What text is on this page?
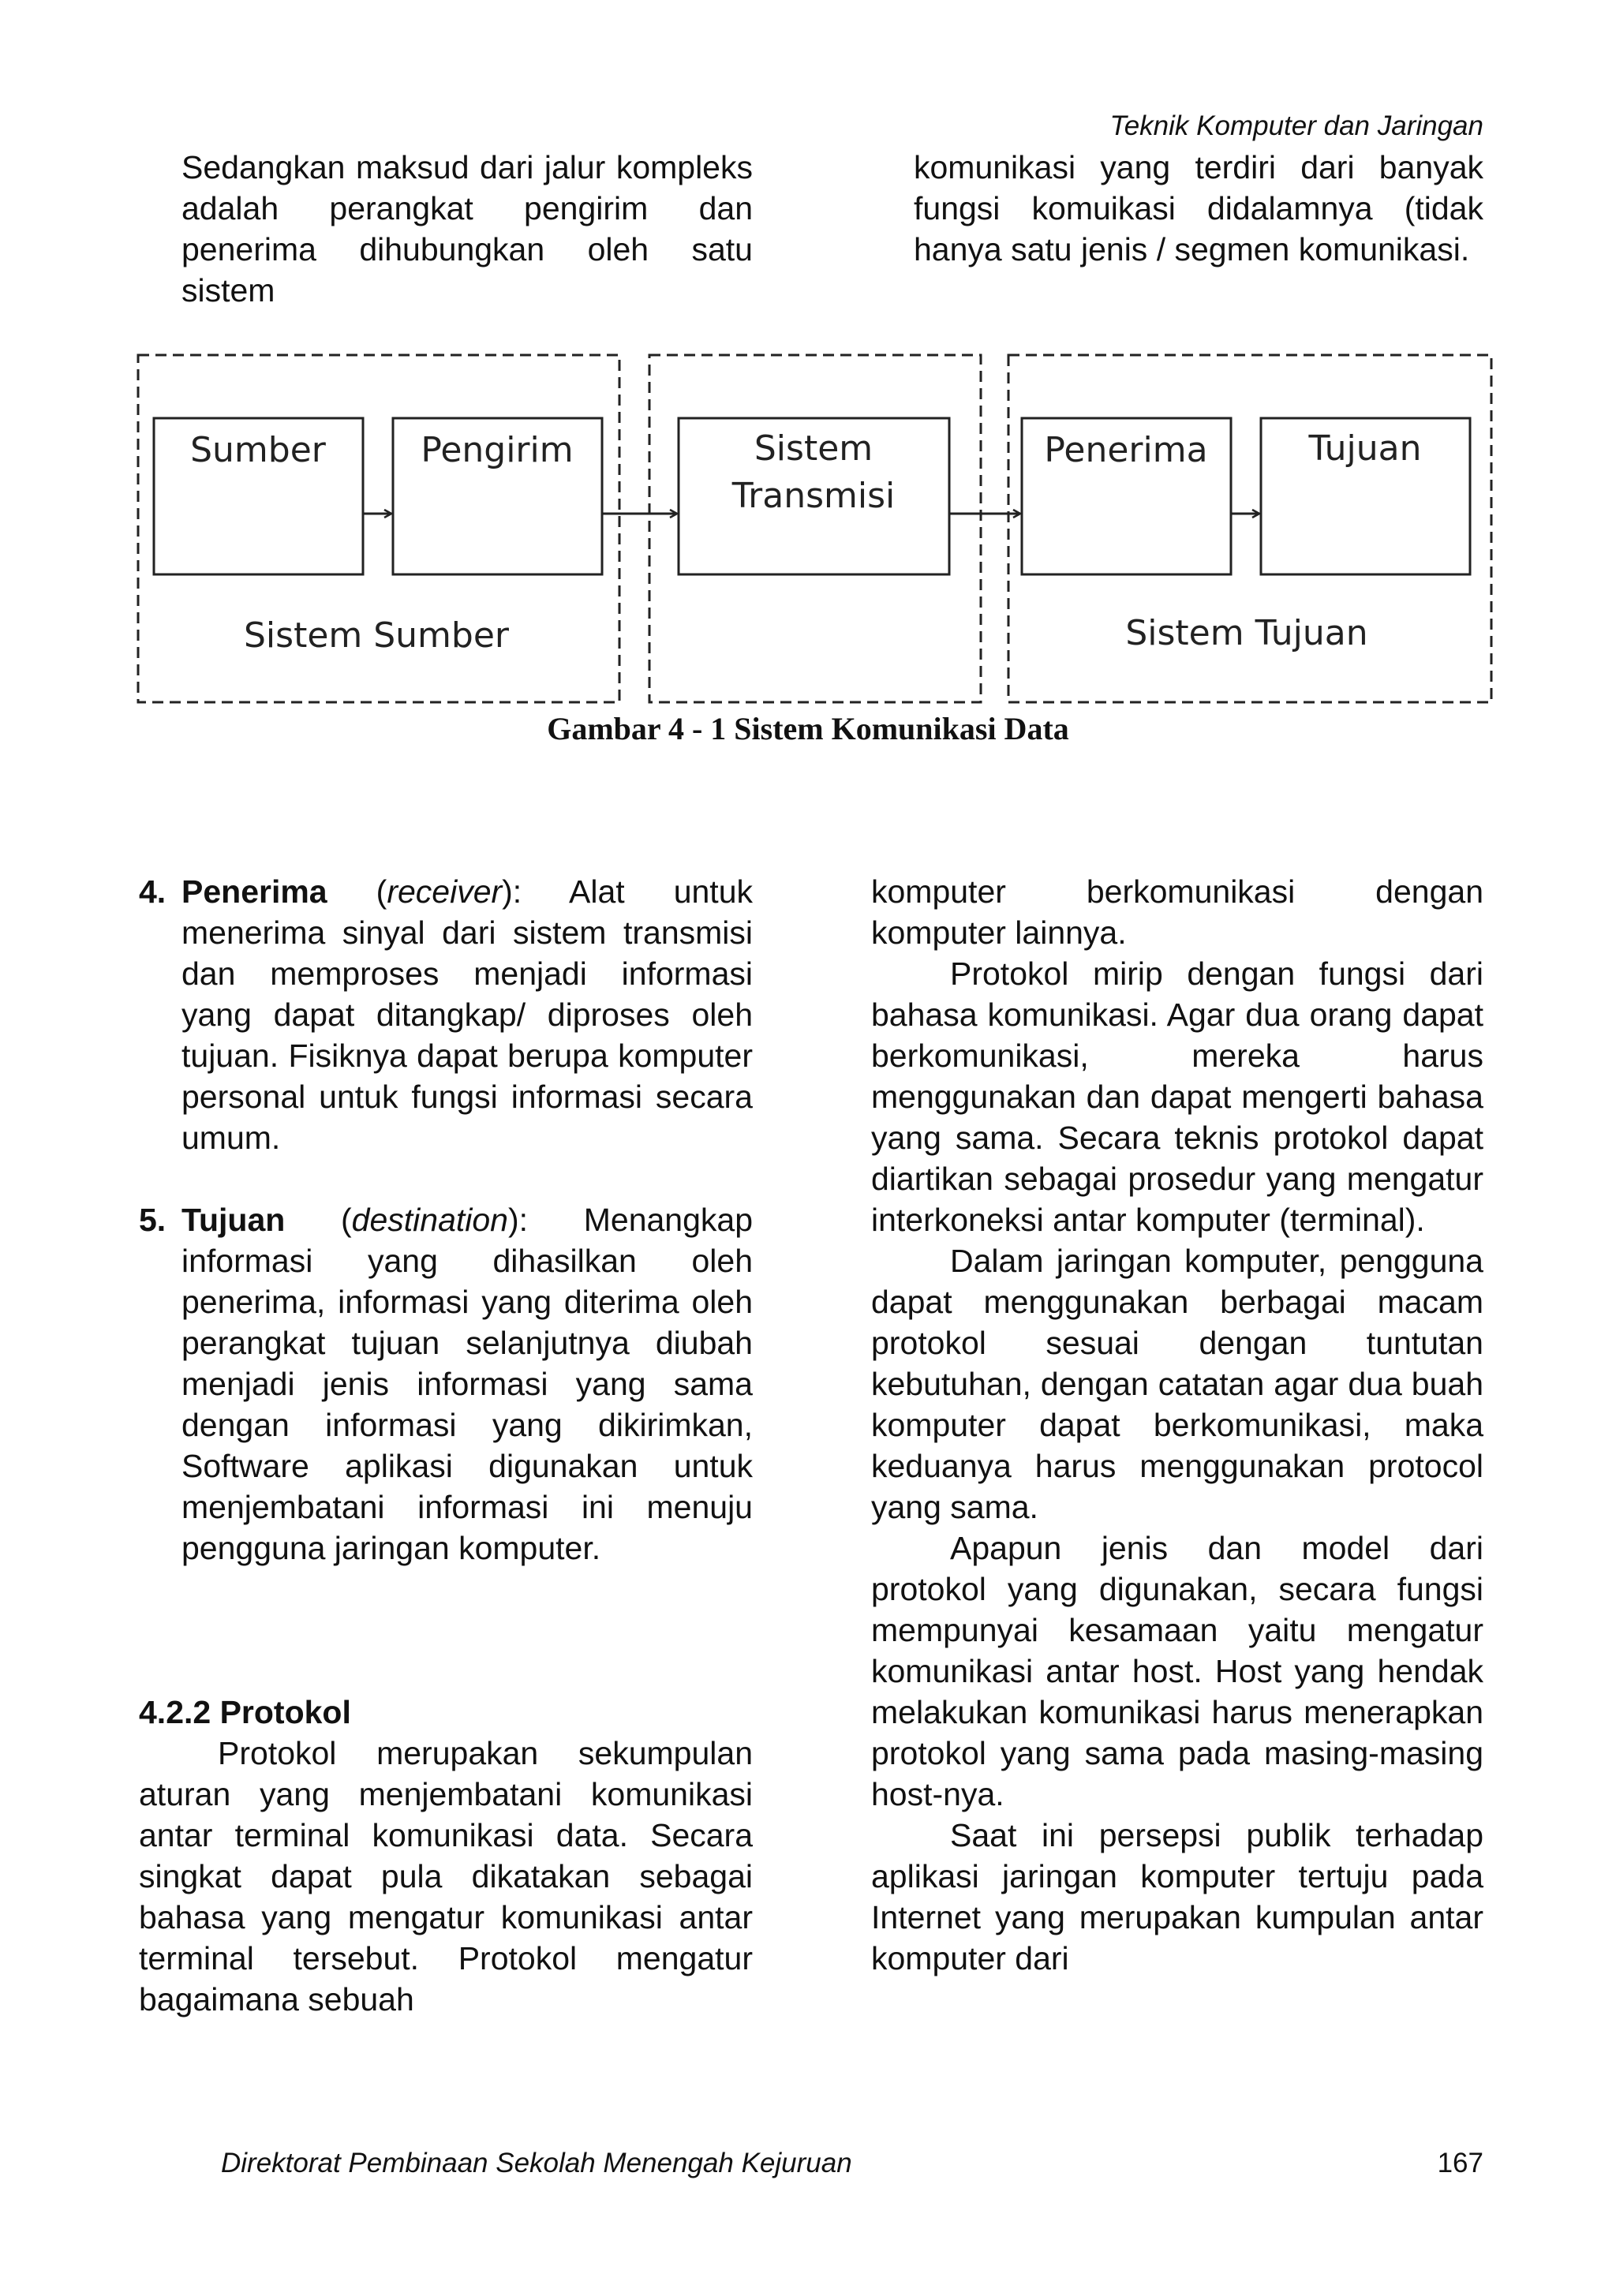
Teknik Komputer dan Jaringan

Sedangkan maksud dari jalur kompleks adalah perangkat pengirim dan penerima dihubungkan oleh satu sistem

komunikasi yang terdiri dari banyak fungsi komuikasi didalamnya (tidak hanya satu jenis / segmen komunikasi.

Sumber	Pengirim	Sistem
Transmisi
Penerima	Tujuan
Sistem Sumber	Sistem Tujuan
Gambar 4 - 1 Sistem Komunikasi Data
4. Penerima (receiver): Alat untuk menerima sinyal dari sistem transmisi dan memproses menjadi informasi yang dapat ditangkap/ diproses oleh tujuan. Fisiknya dapat berupa komputer personal untuk fungsi informasi secara umum.

5. Tujuan (destination): Menangkap informasi yang dihasilkan oleh penerima, informasi yang diterima oleh perangkat tujuan selanjutnya diubah menjadi jenis informasi yang sama dengan informasi yang dikirimkan, Software aplikasi digunakan untuk menjembatani informasi ini menuju pengguna jaringan komputer.

4.2.2 Protokol

Protokol merupakan sekumpulan aturan yang menjembatani komunikasi antar terminal komunikasi data. Secara singkat dapat pula dikatakan sebagai bahasa yang mengatur komunikasi antar terminal tersebut. Protokol mengatur bagaimana sebuah

komputer berkomunikasi dengan komputer lainnya.

Protokol mirip dengan fungsi dari bahasa komunikasi. Agar dua orang dapat berkomunikasi, mereka harus menggunakan dan dapat mengerti bahasa yang sama. Secara teknis protokol dapat diartikan sebagai prosedur yang mengatur interkoneksi antar komputer (terminal).

Dalam jaringan komputer, pengguna dapat menggunakan berbagai macam protokol sesuai dengan tuntutan kebutuhan, dengan catatan agar dua buah komputer dapat berkomunikasi, maka keduanya harus menggunakan protocol yang sama.

Apapun jenis dan model dari protokol yang digunakan, secara fungsi mempunyai kesamaan yaitu mengatur komunikasi antar host. Host yang hendak melakukan komunikasi harus menerapkan protokol yang sama pada masing-masing host-nya.

Saat ini persepsi publik terhadap aplikasi jaringan komputer tertuju pada Internet yang merupakan kumpulan antar komputer dari

Direktorat Pembinaan Sekolah Menengah Kejuruan	167
